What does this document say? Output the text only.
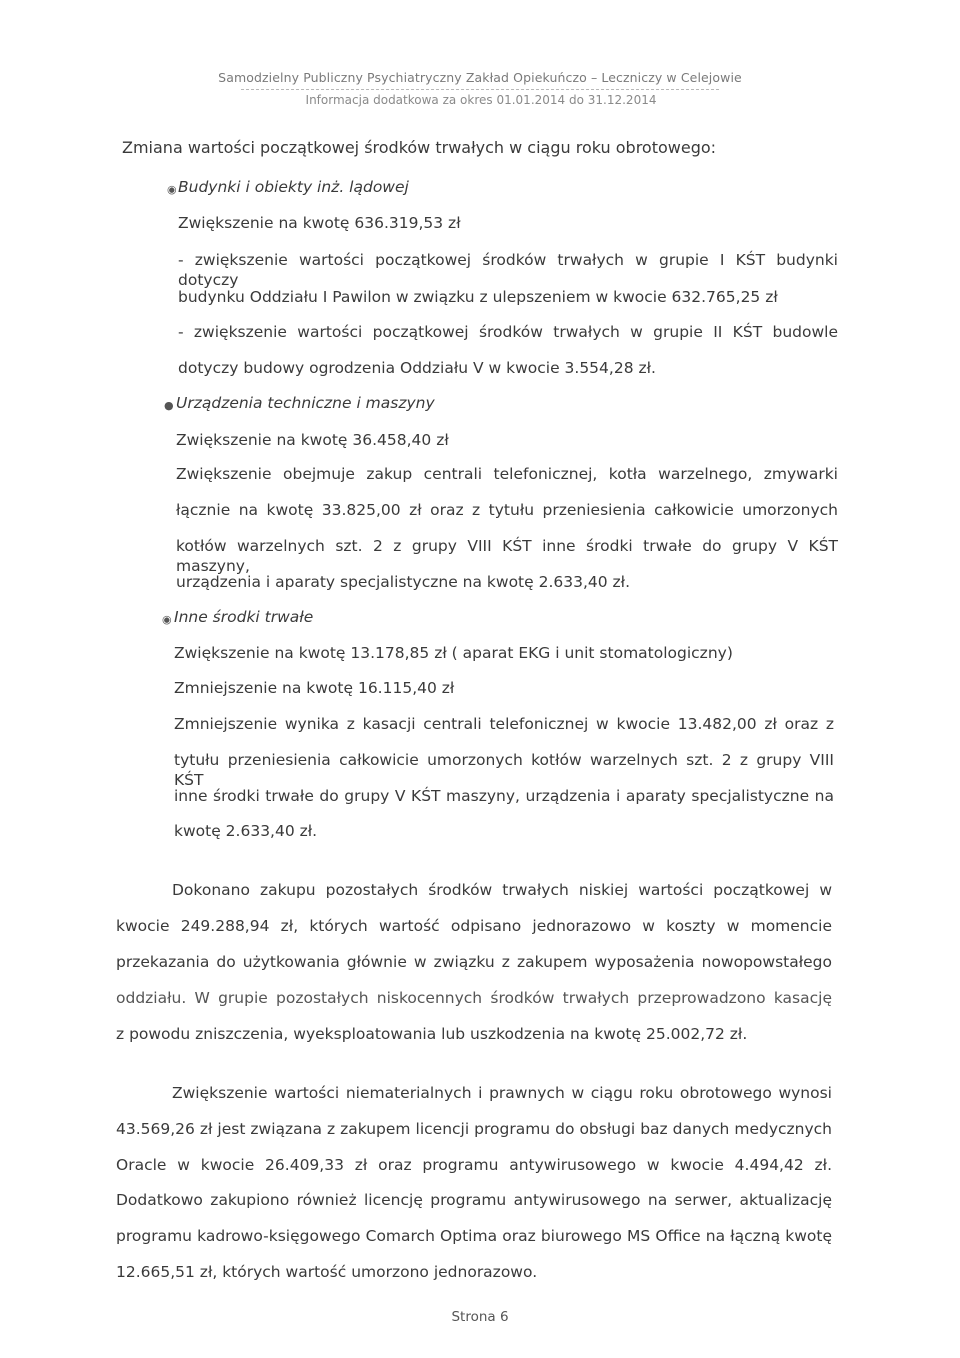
Samodzielny Publiczny Psychiatryczny Zakład Opiekuńczo – Leczniczy w Celejowie
Informacja dodatkowa za okres 01.01.2014 do 31.12.2014
Zmiana wartości początkowej środków trwałych w ciągu roku obrotowego:
◉ Budynki i obiekty inż. lądowej
Zwiększenie na kwotę 636.319,53 zł
- zwiększenie wartości początkowej środków trwałych w grupie I KŚT budynki dotyczy
budynku Oddziału I Pawilon w związku z ulepszeniem w kwocie 632.765,25 zł
- zwiększenie wartości początkowej środków trwałych w grupie II KŚT budowle
dotyczy budowy ogrodzenia Oddziału V w kwocie 3.554,28 zł.
● Urządzenia techniczne i maszyny
Zwiększenie na kwotę 36.458,40 zł
Zwiększenie obejmuje zakup centrali telefonicznej, kotła warzelnego, zmywarki
łącznie na kwotę 33.825,00 zł oraz z tytułu przeniesienia całkowicie umorzonych
kotłów warzelnych szt. 2 z grupy VIII KŚT inne środki trwałe do grupy V KŚT maszyny,
urządzenia i aparaty specjalistyczne na kwotę 2.633,40 zł.
◉ Inne środki trwałe
Zwiększenie na kwotę 13.178,85 zł ( aparat EKG i unit stomatologiczny)
Zmniejszenie na kwotę 16.115,40 zł
Zmniejszenie wynika z kasacji centrali telefonicznej w kwocie 13.482,00 zł oraz z
tytułu przeniesienia całkowicie umorzonych kotłów warzelnych szt. 2 z grupy VIII KŚT
inne środki trwałe do grupy V KŚT maszyny, urządzenia i aparaty specjalistyczne na
kwotę 2.633,40 zł.
Dokonano zakupu pozostałych środków trwałych niskiej wartości początkowej w
kwocie 249.288,94 zł, których wartość odpisano jednorazowo w koszty w momencie
przekazania do użytkowania głównie w związku z zakupem wyposażenia nowopowstałego
oddziału. W grupie pozostałych niskocennych środków trwałych przeprowadzono kasację
z powodu zniszczenia, wyeksploatowania lub uszkodzenia na kwotę 25.002,72 zł.
Zwiększenie wartości niematerialnych i prawnych w ciągu roku obrotowego wynosi
43.569,26 zł jest związana z zakupem licencji programu do obsługi baz danych medycznych
Oracle w kwocie 26.409,33 zł oraz programu antywirusowego w kwocie 4.494,42 zł.
Dodatkowo zakupiono również licencję programu antywirusowego na serwer, aktualizację
programu kadrowo-księgowego Comarch Optima oraz biurowego MS Office na łączną kwotę
12.665,51 zł, których wartość umorzono jednorazowo.
Strona 6
